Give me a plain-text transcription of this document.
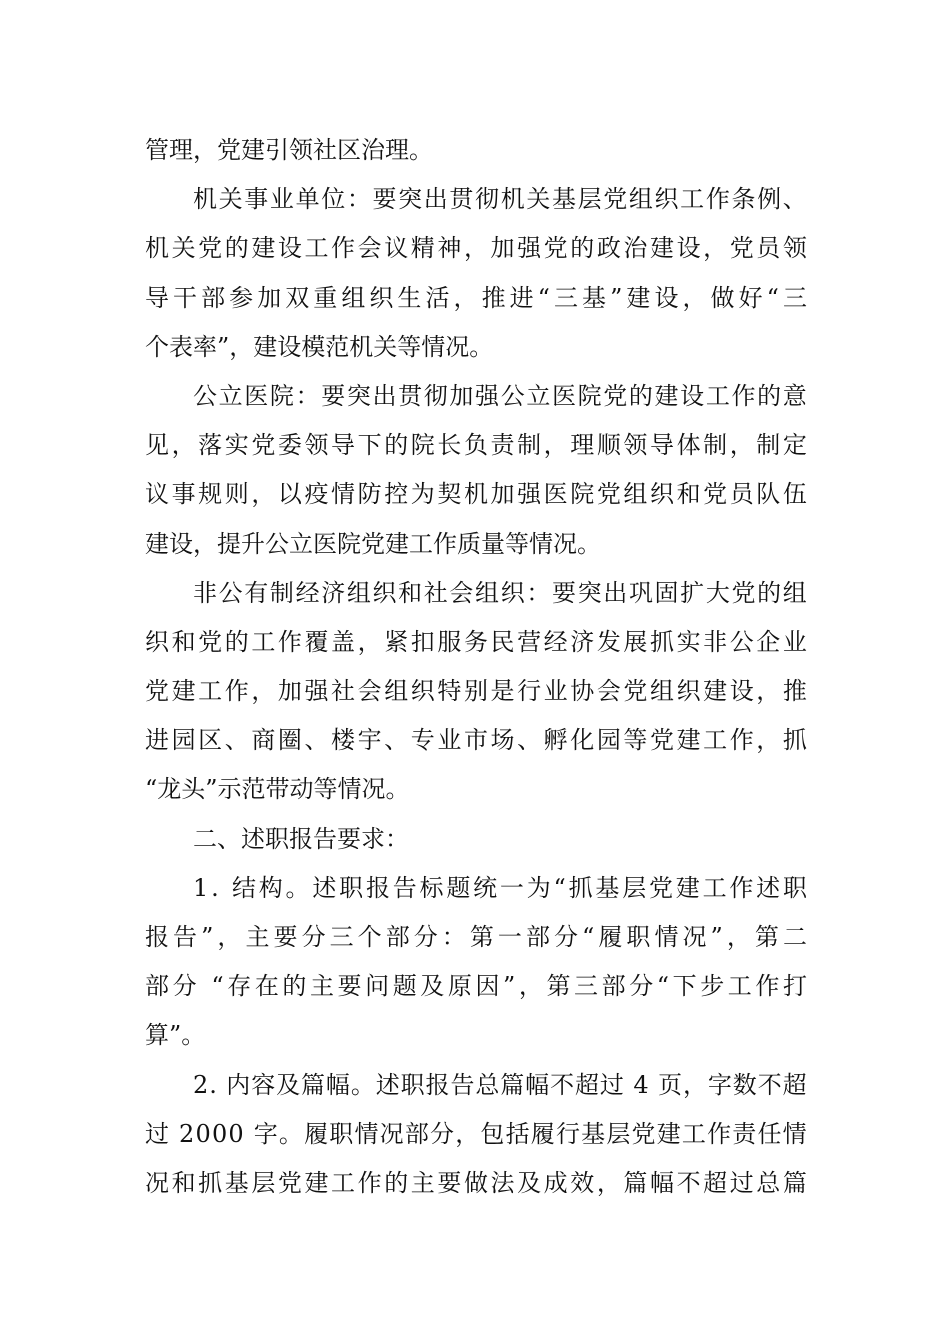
管理，党建引领社区治理。
机 关 事 业 单 位 ： 要 突 出 贯 彻 机 关 基 层 党 组 织 工 作 条 例 、
机 关 党 的 建 设 工 作 会 议 精 神 ， 加 强 党 的 政 治 建 设 ， 党 员 领
导 干 部 参 加 双 重 组 织 生 活 ， 推 进 “ 三 基 ” 建 设 ， 做 好 “ 三
个表率”，建设模范机关等情况。
公 立 医 院 ： 要 突 出 贯 彻 加 强 公 立 医 院 党 的 建 设 工 作 的 意
见 ， 落 实 党 委 领 导 下 的 院 长 负 责 制 ， 理 顺 领 导 体 制 ， 制 定
议 事 规 则 ， 以 疫 情 防 控 为 契 机 加 强 医 院 党 组 织 和 党 员 队 伍
建设，提升公立医院党建工作质量等情况。
非 公 有 制 经 济 组 织 和 社 会 组 织 ： 要 突 出 巩 固 扩 大 党 的 组
织 和 党 的 工 作 覆 盖 ， 紧 扣 服 务 民 营 经 济 发 展 抓 实 非 公 企 业
党 建 工 作 ， 加 强 社 会 组 织 特 别 是 行 业 协 会 党 组 织 建 设 ， 推
进 园 区 、 商 圈 、 楼 宇 、 专 业 市 场 、 孵 化 园 等 党 建 工 作 ， 抓
“龙头”示范带动等情况。
二、述职报告要求：
1 .
结 构 。 述 职 报 告 标 题 统 一 为 “ 抓 基 层 党 建 工 作 述 职
报 告 ” ， 主 要 分 三 个 部 分 ： 第 一 部 分 “ 履 职 情 况 ” ， 第 二
部 分
“ 存 在 的 主 要 问 题 及 原 因 ” ， 第 三 部 分 “ 下 步 工 作 打
算”。
2 .
内 容 及 篇 幅 。 述 职 报 告 总 篇 幅 不 超 过
4
页 ， 字 数 不 超
过
2 0 0 0
字 。 履 职 情 况 部 分 ， 包 括 履 行 基 层 党 建 工 作 责 任 情
况 和 抓 基 层 党 建 工 作 的 主 要 做 法 及 成 效 ， 篇 幅 不 超 过 总 篇
